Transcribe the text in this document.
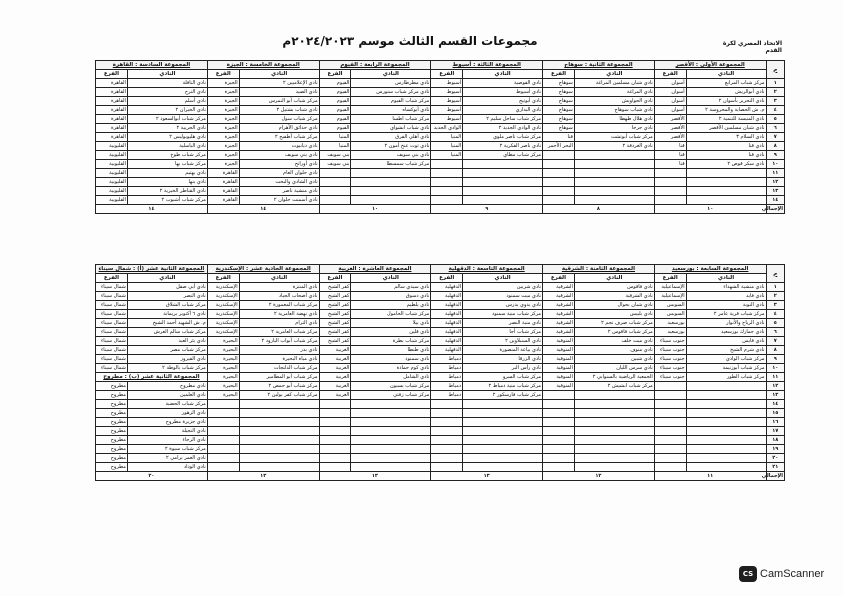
مجموعات القسم الثالث موسم ٢٠٢٤/٢٠٢٣م	الاتحاد المصري لكرة القدم
م	المجموعة الأولى : الأقصر		المجموعة الثانية : سوهاج		المجموعة الثالثة : أسيوط		المجموعة الرابعة : الفيوم		المجموعة الخامسة : الجيزة		المجموعة السادسة : القاهرة	
	النادي	الفرع	النادي	الفرع	النادي	الفرع	النادي	الفرع	النادي	الفرع	النادي	الفرع
١	مركز شباب المرابع	أسوان	نادي شبان مسلمين المراغة	سوهاج	نادي القوصية	أسيوط	نادي مطرطارس	الفيوم	نادي الإعلاميين ٢	الجيزة	نادي النافلة	القاهرة
٢	نادي أبوالريش	أسوان	نادي المراغة	سوهاج	نادي أسيوط	أسيوط	نادي مركز شباب سنورس	الفيوم	نادي الصيد	الجيزة	نادي الترح	القاهرة
٣	نادي التحرير بأسوان ٢	أسوان	نادي الحواويش	سوهاج	نادي أبوتيج	أسيوط	مركز شباب الفيوم	الفيوم	مركز شباب أبو النمرس	الجيزة	نادي أسلم	القاهرة
٤	م. ش الحصاية والمحروسة ٢	أسوان	نادي شباب سوهاج	سوهاج	نادي البداري	أسيوط	نادي أبوكساه	الفيوم	نادي شباب بشتيل ٢	الجيزة	نادي الخيران ٢	القاهرة
٥	نادي المنيسة للتنمية ٢	الأقصر	نادي هلال طهطا	سوهاج	مركز شباب ساحل سليم ٢	أسيوط	مركز شباب اطسا	الفيوم	مركز شباب سول	الجيزة	مركز شباب أبوالسعود ٢	القاهرة
٦	نادي شبان مسلمين الأقصر	الأقصر	نادي جرجا	سوهاج	نادي الوادي الجديد ٢	الوادي الجديد	نادي شباب ابشواي	الفيوم	نادي حدائق الأهرام	الجيزة	نادي الحربية ٢	القاهرة
٧	نادي السلام ٣	الأقصر	مركز شباب أبوتشت	قنا	مركز شباب ناصر ملوي	المنيا	نادي أهلي الفرق	المنيا	مركز شباب أطفيح ٢	الجيزة	نادي هليوبوليس ٢	القاهرة
٨	نادي قنا	قنا	نادي الغردقة ٢	البحر الأحمر	نادي ناصر الفكرية ٢	المنيا	نادي ثوت عنخ أمون ٢	المنيا	نادي ديانيوت	الجيزة	نادي الباسلية	القليوبية
٩	نادي قنا	قنا			مركز شباب مطاي	المنيا	نادي بني سويف	بني سويف	نادي بني سويف	الجيزة	مركز شباب طوخ	القليوبية
١٠	نادي سكر قوص ٢	قنا					مركز شباب سمسطا	بني سويف	نادي أوراتح	الجيزة	مركز شباب بها	القليوبية
١١									نادي حلوان العام	القاهرة	نادي بهتيم	القليوبية
١٢									نادي الشادي والبخت	القاهرة	نادي بنها	القليوبية
١٣									نادي منشية ناصر	القاهرة	نادي القناطر الخيرية ٢	القليوبية
١٤									نادي أسمنت حلوان ٢	القاهرة	مركز شباب أشبوب ٢	القليوبية
الإجمالي	١٠		٨		٩		١٠		١٤		١٤	
م	المجموعة السابعة : بورسعيد		المجموعة الثامنة : الشرقية		المجموعة التاسعة : الدقهلية		المجموعة العاشرة : الغربية		المجموعة الحادية عشر : الإسكندرية		المجموعة الثانية عشر (أ) : شمال سيناء	
	النادي	الفرع	النادي	الفرع	النادي	الفرع	النادي	الفرع	النادي	الفرع	النادي	الفرع
١	نادي منشية الشهداء	الإسماعيلية	نادي فاقوس	الشرقية	نادي شربين	الدقهلية	نادي سيدي سالم	كفر الشيخ	نادي المنتزة	الإسكندرية	نادي أبي صقل	شمال سيناء
٢	نادي فايد	الإسماعيلية	نادي الشرقية	الشرقية	نادي ميت سمنود	الدقهلية	نادي دسوق	كفر الشيخ	نادي أصحاب الجياد	الإسكندرية	نادي النصر	شمال سيناء
٣	نادي النوبة	السويس	نادي شبان بحوال	الشرقية	نادي بدوي بدرس	الدقهلية	نادي بلطيم	كفر الشيخ	مركز شباب المعمورة ٢	الإسكندرية	مركز شباب الشلاق	شمال سيناء
٤	مركز شباب قرية عامر ٢	السويس	نادي بلبيس	الشرقية	مركز شباب منية سمنود	الدقهلية	مركز شباب الحامول	كفر الشيخ	نادي نهضة العامرية ٢	الإسكندرية	نادي ٦ أكتوبر بريمانة	شمال سيناء
٥	نادي الرياح والأنوار	بورسعيد	مركز شباب صرف نجم ٢	الشرقية	نادي منية النصر	الدقهلية	نادي بيلا	كفر الشيخ	نادي الترام	الإسكندرية	م. ش الشهيد أحمد الشيخ	شمال سيناء
٦	نادي جمارك بورسعيد	بورسعيد	مركز شباب فاقوس ٢	الشرقية	مركز شباب أجا	الدقهلية	نادي قلين	كفر الشيخ	مركز شباب العامرية ٢	الإسكندرية	مركز شباب سالم العرش	شمال سيناء
٧	نادي فايس	جنوب سيناء	نادي ميت خلف	المنوفية	نادي السنبلاوين ٢	الدقهلية	مركز شباب بطرة	كفر الشيخ	مركز شباب أبواب البارود ٢	البحيرة	نادي بئر العبد	شمال سيناء
٨	نادي شرم الشيخ	جنوب سيناء	نادي منوف	المنوفية	نادي بياعة المنصورة	الدقهلية	نادي طنطا	الغربية	نادي بدر	البحيرة	مركز شباب مصر	شمال سيناء
٩	مركز شباب الوادي	جنوب سيناء	نادي شبين	المنوفية	نادي الزرقا	دمياط	نادي سمنود	الغربية	نادي مياه البحيرة	البحيرة	نادي الفيروز	شمال سيناء
١٠	مركز شباب أبوزنيمة	جنوب سيناء	نادي سرس الليان	المنوفية	نادي رأس البر	دمياط	نادي كوم حمادة	الغربية	مركز شباب الدلنجات	البحيرة	مركز شباب بالوطة ٢	شمال سيناء
١١	مركز شباب الطور	جنوب سيناء	الجمعية الرياضية بالسنوابي ٢	المنوفية	مركز شباب السرو	دمياط	نادي الشامل	الغربية	مركز شباب أبو المطامير	البحيرة	المجموعة الثانية عشر (ب) : مطروح	
١٢			مركز شباب ابشيش ٢	المنوفية	مركز شباب منية دمياط ٢	دمياط	مركز شباب بسيون	الغربية	مركز شباب أبو حمص ٢	البحيرة	نادي مطروح	مطروح
١٣					مركز شباب فارسكور ٢	دمياط	مركز شباب زفتي	الغربية	مركز شباب كفر بولين ٢	البحيرة	نادي العلمين	مطروح
١٤											مركز شباب الحضبة	مطروح
١٥											نادي الزهور	مطروح
١٦											نادي جزيرة مطروح	مطروح
١٧											نادي النجيلة	مطروح
١٨											نادي الرجاء	مطروح
١٩											مركز شباب سيوة ٢	مطروح
٢٠											نادي العمر برامي ٢	مطروح
٢١											نادي الوداد	مطروح
الإجمالي	١١		١٢		١٣		١٣		١٣		٢٠	
CS CamScanner
